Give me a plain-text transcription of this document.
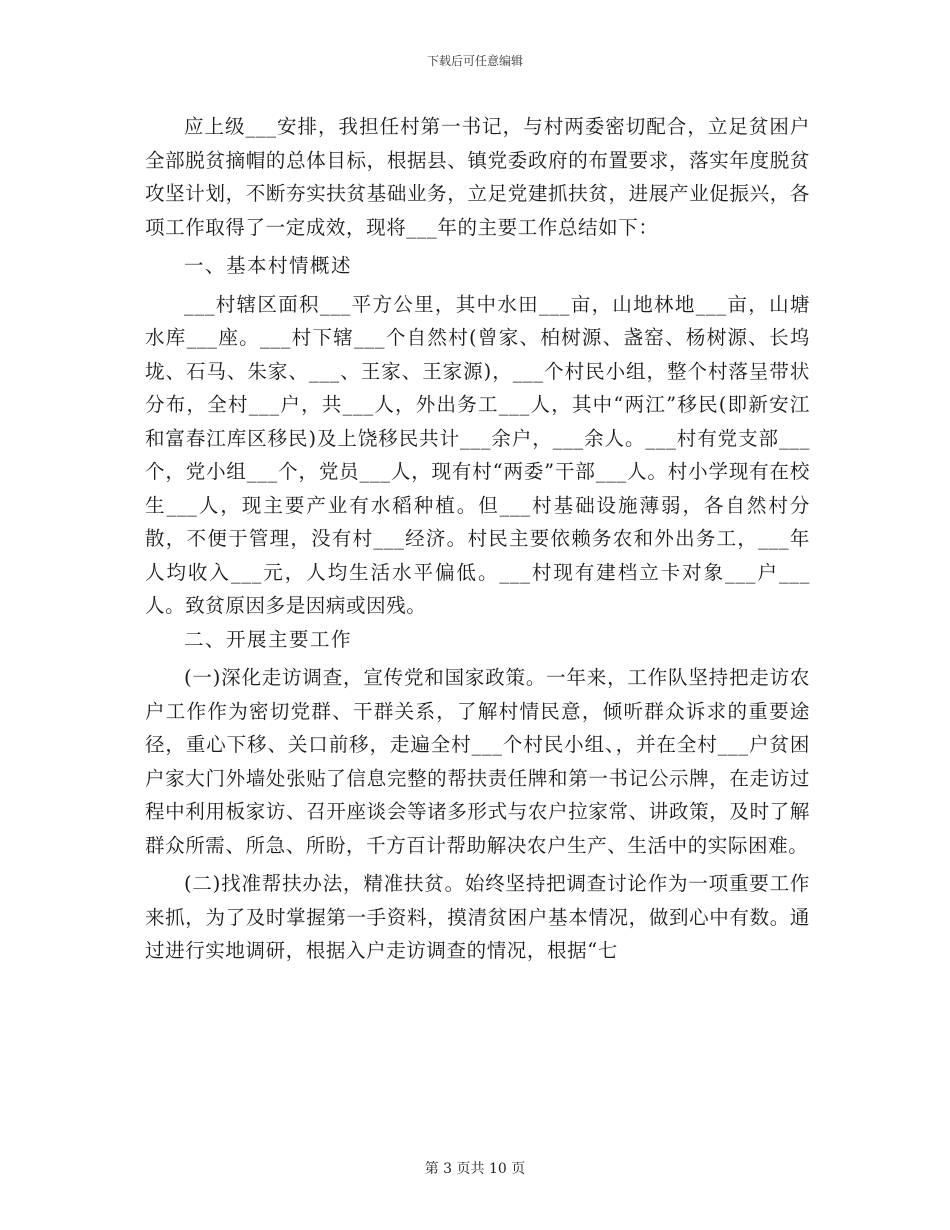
下载后可任意编辑

应上级___安排，我担任村第一书记，与村两委密切配合，立足贫困户全部脱贫摘帽的总体目标，根据县、镇党委政府的布置要求，落实年度脱贫攻坚计划，不断夯实扶贫基础业务，立足党建抓扶贫，进展产业促振兴，各项工作取得了一定成效，现将___年的主要工作总结如下：

一、基本村情概述

___村辖区面积___平方公里，其中水田___亩，山地林地___亩，山塘水库___座。___村下辖___个自然村(曾家、柏树源、盏窑、杨树源、长坞垅、石马、朱家、___、王家、王家源)，___个村民小组，整个村落呈带状分布，全村___户，共___人，外出务工___人，其中“两江”移民(即新安江和富春江库区移民)及上饶移民共计___余户，___余人。___村有党支部___个，党小组___个，党员___人，现有村“两委”干部___人。村小学现有在校生___人，现主要产业有水稻种植。但___村基础设施薄弱，各自然村分散，不便于管理，没有村___经济。村民主要依赖务农和外出务工，___年人均收入___元，人均生活水平偏低。___村现有建档立卡对象___户___人。致贫原因多是因病或因残。

二、开展主要工作

(一)深化走访调查，宣传党和国家政策。一年来，工作队坚持把走访农户工作作为密切党群、干群关系，了解村情民意，倾听群众诉求的重要途径，重心下移、关口前移，走遍全村___个村民小组、，并在全村___户贫困户家大门外墙处张贴了信息完整的帮扶责任牌和第一书记公示牌，在走访过程中利用板家访、召开座谈会等诸多形式与农户拉家常、讲政策，及时了解群众所需、所急、所盼，千方百计帮助解决农户生产、生活中的实际困难。

(二)找准帮扶办法，精准扶贫。始终坚持把调查讨论作为一项重要工作来抓，为了及时掌握第一手资料，摸清贫困户基本情况，做到心中有数。通过进行实地调研，根据入户走访调查的情况，根据“七

第 3 页共 10 页
